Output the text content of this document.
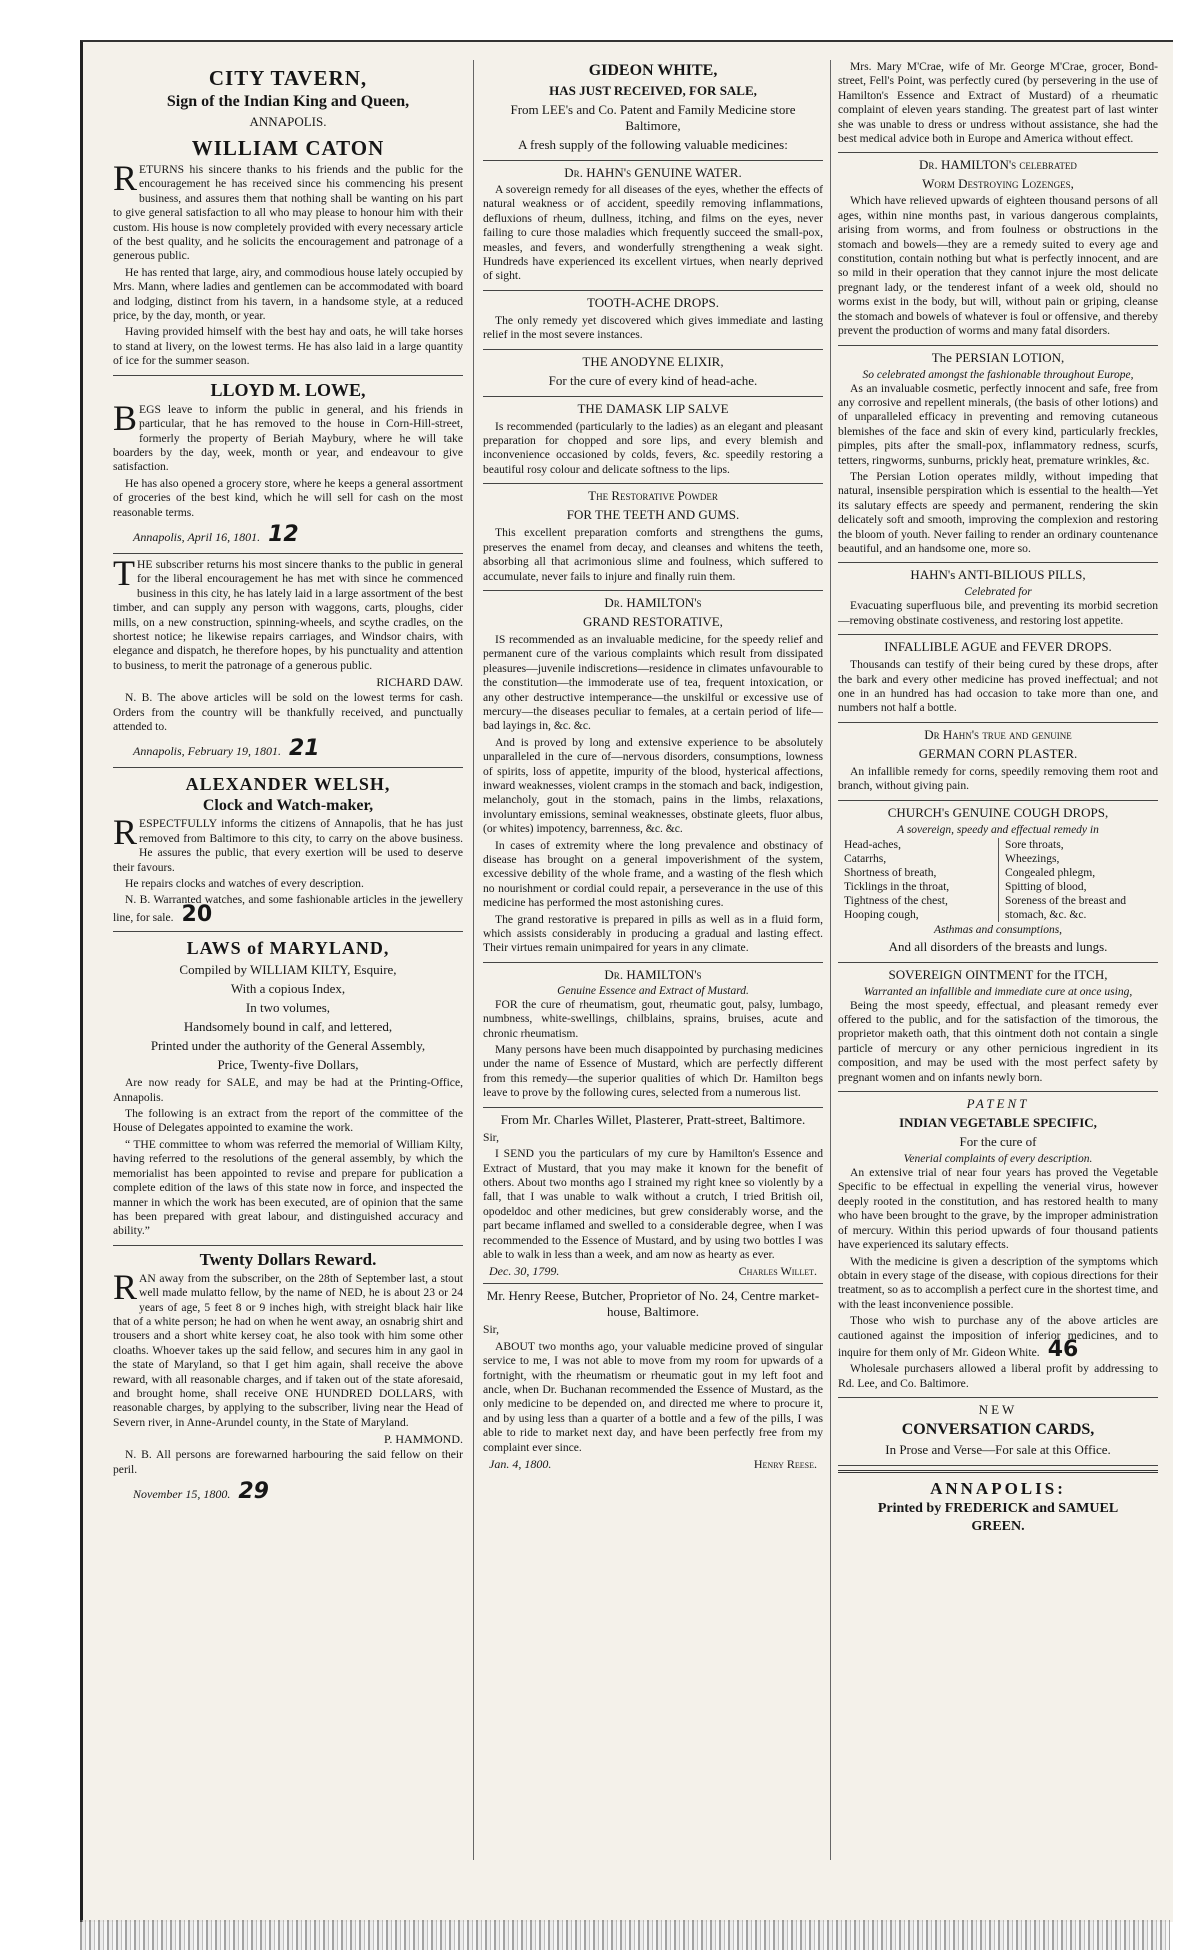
CITY TAVERN,
Sign of the Indian King and Queen,
ANNAPOLIS.
WILLIAM CATON

RETURNS his sincere thanks to his friends and the public for the encouragement he has received since his commencing his present business, and assures them that nothing shall be wanting on his part to give general satisfaction to all who may please to honour him with their custom. His house is now completely provided with every necessary article of the best quality, and he solicits the encouragement and patronage of a generous public.

He has rented that large, airy, and commodious house lately occupied by Mrs. Mann, where ladies and gentlemen can be accommodated with board and lodging, distinct from his tavern, in a handsome style, at a reduced price, by the day, month, or year.

Having provided himself with the best hay and oats, he will take horses to stand at livery, on the lowest terms. He has also laid in a large quantity of ice for the summer season.

LLOYD M. LOWE,

BEGS leave to inform the public in general, and his friends in particular, that he has removed to the house in Corn-Hill-street, formerly the property of Beriah Maybury, where he will take boarders by the day, week, month or year, and endeavour to give satisfaction.

He has also opened a grocery store, where he keeps a general assortment of groceries of the best kind, which he will sell for cash on the most reasonable terms.

Annapolis, April 16, 1801. 12

THE subscriber returns his most sincere thanks to the public in general for the liberal encouragement he has met with since he commenced business in this city, he has lately laid in a large assortment of the best timber, and can supply any person with waggons, carts, ploughs, cider mills, on a new construction, spinning-wheels, and scythe cradles, on the shortest notice; he likewise repairs carriages, and Windsor chairs, with elegance and dispatch, he therefore hopes, by his punctuality and attention to business, to merit the patronage of a generous public.

RICHARD DAW.

N. B. The above articles will be sold on the lowest terms for cash. Orders from the country will be thankfully received, and punctually attended to.

Annapolis, February 19, 1801. 21
ALEXANDER WELSH,
Clock and Watch-maker,

RESPECTFULLY informs the citizens of Annapolis, that he has just removed from Baltimore to this city, to carry on the above business. He assures the public, that every exertion will be used to deserve their favours.

He repairs clocks and watches of every description.

N. B. Warranted watches, and some fashionable articles in the jewellery line, for sale. 20

LAWS of MARYLAND,
Compiled by WILLIAM KILTY, Esquire,
With a copious Index,
In two volumes,
Handsomely bound in calf, and lettered,
Printed under the authority of the General Assembly,
Price, Twenty-five Dollars,

Are now ready for SALE, and may be had at the Printing-Office, Annapolis.

The following is an extract from the report of the committee of the House of Delegates appointed to examine the work.

“ THE committee to whom was referred the memorial of William Kilty, having referred to the resolutions of the general assembly, by which the memorialist has been appointed to revise and prepare for publication a complete edition of the laws of this state now in force, and inspected the manner in which the work has been executed, are of opinion that the same has been prepared with great labour, and distinguished accuracy and ability.”

Twenty Dollars Reward.

RAN away from the subscriber, on the 28th of September last, a stout well made mulatto fellow, by the name of NED, he is about 23 or 24 years of age, 5 feet 8 or 9 inches high, with streight black hair like that of a white person; he had on when he went away, an osnabrig shirt and trousers and a short white kersey coat, he also took with him some other cloaths. Whoever takes up the said fellow, and secures him in any gaol in the state of Maryland, so that I get him again, shall receive the above reward, with all reasonable charges, and if taken out of the state aforesaid, and brought home, shall receive ONE HUNDRED DOLLARS, with reasonable charges, by applying to the subscriber, living near the Head of Severn river, in Anne-Arundel county, in the State of Maryland.

P. HAMMOND.

N. B. All persons are forewarned harbouring the said fellow on their peril.

November 15, 1800. 29
GIDEON WHITE,
HAS JUST RECEIVED, FOR SALE,
From LEE's and Co. Patent and Family Medicine store Baltimore,
A fresh supply of the following valuable medicines:
Dr. HAHN's GENUINE WATER.

A sovereign remedy for all diseases of the eyes, whether the effects of natural weakness or of accident, speedily removing inflammations, defluxions of rheum, dullness, itching, and films on the eyes, never failing to cure those maladies which frequently succeed the small-pox, measles, and fevers, and wonderfully strengthening a weak sight. Hundreds have experienced its excellent virtues, when nearly deprived of sight.

TOOTH-ACHE DROPS.

The only remedy yet discovered which gives immediate and lasting relief in the most severe instances.

THE ANODYNE ELIXIR,
For the cure of every kind of head-ache.
THE DAMASK LIP SALVE

Is recommended (particularly to the ladies) as an elegant and pleasant preparation for chopped and sore lips, and every blemish and inconvenience occasioned by colds, fevers, &c. speedily restoring a beautiful rosy colour and delicate softness to the lips.

The Restorative Powder
FOR THE TEETH AND GUMS.

This excellent preparation comforts and strengthens the gums, preserves the enamel from decay, and cleanses and whitens the teeth, absorbing all that acrimonious slime and foulness, which suffered to accumulate, never fails to injure and finally ruin them.

Dr. HAMILTON's
GRAND RESTORATIVE,

IS recommended as an invaluable medicine, for the speedy relief and permanent cure of the various complaints which result from dissipated pleasures—juvenile indiscretions—residence in climates unfavourable to the constitution—the immoderate use of tea, frequent intoxication, or any other destructive intemperance—the unskilful or excessive use of mercury—the diseases peculiar to females, at a certain period of life—bad layings in, &c. &c.

And is proved by long and extensive experience to be absolutely unparalleled in the cure of—nervous disorders, consumptions, lowness of spirits, loss of appetite, impurity of the blood, hysterical affections, inward weaknesses, violent cramps in the stomach and back, indigestion, melancholy, gout in the stomach, pains in the limbs, relaxations, involuntary emissions, seminal weaknesses, obstinate gleets, fluor albus, (or whites) impotency, barrenness, &c. &c.

In cases of extremity where the long prevalence and obstinacy of disease has brought on a general impoverishment of the system, excessive debility of the whole frame, and a wasting of the flesh which no nourishment or cordial could repair, a perseverance in the use of this medicine has performed the most astonishing cures.

The grand restorative is prepared in pills as well as in a fluid form, which assists considerably in producing a gradual and lasting effect. Their virtues remain unimpaired for years in any climate.

Dr. HAMILTON's
Genuine Essence and Extract of Mustard.

FOR the cure of rheumatism, gout, rheumatic gout, palsy, lumbago, numbness, white-swellings, chilblains, sprains, bruises, acute and chronic rheumatism.

Many persons have been much disappointed by purchasing medicines under the name of Essence of Mustard, which are perfectly different from this remedy—the superior qualities of which Dr. Hamilton begs leave to prove by the following cures, selected from a numerous list.

From Mr. Charles Willet, Plasterer, Pratt-street, Baltimore.

Sir,

I SEND you the particulars of my cure by Hamilton's Essence and Extract of Mustard, that you may make it known for the benefit of others. About two months ago I strained my right knee so violently by a fall, that I was unable to walk without a crutch, I tried British oil, opodeldoc and other medicines, but grew considerably worse, and the part became inflamed and swelled to a considerable degree, when I was recommended to the Essence of Mustard, and by using two bottles I was able to walk in less than a week, and am now as hearty as ever.

Dec. 30, 1799.	Charles Willet.
Mr. Henry Reese, Butcher, Proprietor of No. 24, Centre market-house, Baltimore.

Sir,

ABOUT two months ago, your valuable medicine proved of singular service to me, I was not able to move from my room for upwards of a fortnight, with the rheumatism or rheumatic gout in my left foot and ancle, when Dr. Buchanan recommended the Essence of Mustard, as the only medicine to be depended on, and directed me where to procure it, and by using less than a quarter of a bottle and a few of the pills, I was able to ride to market next day, and have been perfectly free from my complaint ever since.

Jan. 4, 1800.	Henry Reese.

Mrs. Mary M'Crae, wife of Mr. George M'Crae, grocer, Bond-street, Fell's Point, was perfectly cured (by persevering in the use of Hamilton's Essence and Extract of Mustard) of a rheumatic complaint of eleven years standing. The greatest part of last winter she was unable to dress or undress without assistance, she had the best medical advice both in Europe and America without effect.

Dr. HAMILTON's celebrated
Worm Destroying Lozenges,

Which have relieved upwards of eighteen thousand persons of all ages, within nine months past, in various dangerous complaints, arising from worms, and from foulness or obstructions in the stomach and bowels—they are a remedy suited to every age and constitution, contain nothing but what is perfectly innocent, and are so mild in their operation that they cannot injure the most delicate pregnant lady, or the tenderest infant of a week old, should no worms exist in the body, but will, without pain or griping, cleanse the stomach and bowels of whatever is foul or offensive, and thereby prevent the production of worms and many fatal disorders.

The PERSIAN LOTION,
So celebrated amongst the fashionable throughout Europe,

As an invaluable cosmetic, perfectly innocent and safe, free from any corrosive and repellent minerals, (the basis of other lotions) and of unparalleled efficacy in preventing and removing cutaneous blemishes of the face and skin of every kind, particularly freckles, pimples, pits after the small-pox, inflammatory redness, scurfs, tetters, ringworms, sunburns, prickly heat, premature wrinkles, &c.

The Persian Lotion operates mildly, without impeding that natural, insensible perspiration which is essential to the health—Yet its salutary effects are speedy and permanent, rendering the skin delicately soft and smooth, improving the complexion and restoring the bloom of youth. Never failing to render an ordinary countenance beautiful, and an handsome one, more so.

HAHN's ANTI-BILIOUS PILLS,
Celebrated for

Evacuating superfluous bile, and preventing its morbid secretion—removing obstinate costiveness, and restoring lost appetite.

INFALLIBLE AGUE and FEVER DROPS.

Thousands can testify of their being cured by these drops, after the bark and every other medicine has proved ineffectual; and not one in an hundred has had occasion to take more than one, and numbers not half a bottle.

Dr Hahn's true and genuine
GERMAN CORN PLASTER.

An infallible remedy for corns, speedily removing them root and branch, without giving pain.

CHURCH's GENUINE COUGH DROPS,
A sovereign, speedy and effectual remedy in
Head-aches,
Catarrhs,
Shortness of breath,
Ticklings in the throat,
Tightness of the chest,
Hooping cough,
Sore throats,
Wheezings,
Congealed phlegm,
Spitting of blood,
Soreness of the breast and
stomach, &c. &c.
Asthmas and consumptions,
And all disorders of the breasts and lungs.
SOVEREIGN OINTMENT for the ITCH,
Warranted an infallible and immediate cure at once using,

Being the most speedy, effectual, and pleasant remedy ever offered to the public, and for the satisfaction of the timorous, the proprietor maketh oath, that this ointment doth not contain a single particle of mercury or any other pernicious ingredient in its composition, and may be used with the most perfect safety by pregnant women and on infants newly born.

PATENT
INDIAN VEGETABLE SPECIFIC,
For the cure of
Venerial complaints of every description.

An extensive trial of near four years has proved the Vegetable Specific to be effectual in expelling the venerial virus, however deeply rooted in the constitution, and has restored health to many who have been brought to the grave, by the improper administration of mercury. Within this period upwards of four thousand patients have experienced its salutary effects.

With the medicine is given a description of the symptoms which obtain in every stage of the disease, with copious directions for their treatment, so as to accomplish a perfect cure in the shortest time, and with the least inconvenience possible.

Those who wish to purchase any of the above articles are cautioned against the imposition of inferior medicines, and to inquire for them only of Mr. Gideon White. 46

Wholesale purchasers allowed a liberal profit by addressing to Rd. Lee, and Co. Baltimore.

NEW
CONVERSATION CARDS,
In Prose and Verse—For sale at this Office.
ANNAPOLIS:
Printed by FREDERICK and SAMUEL
GREEN.
